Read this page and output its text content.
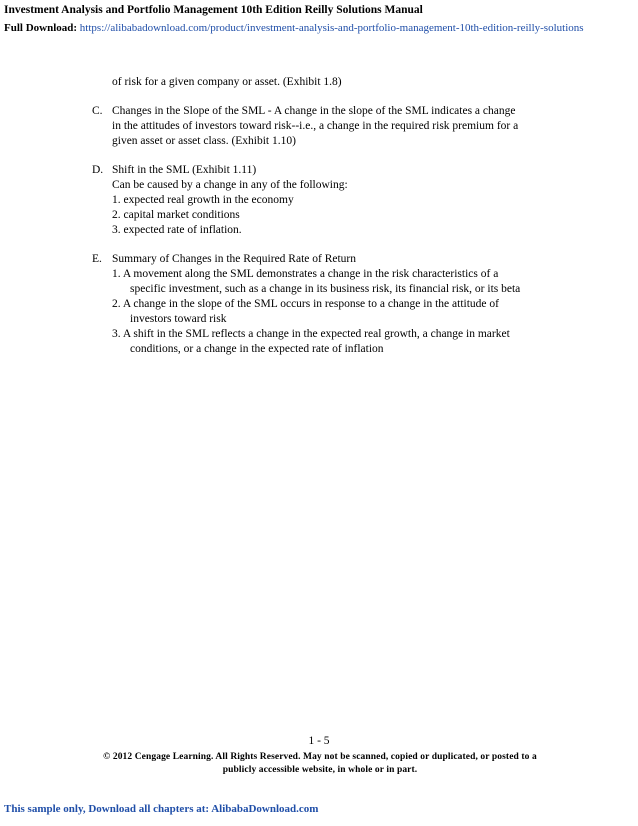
Investment Analysis and Portfolio Management 10th Edition Reilly Solutions Manual
Full Download: https://alibabadownload.com/product/investment-analysis-and-portfolio-management-10th-edition-reilly-solutions
of risk for a given company or asset. (Exhibit 1.8)
C. Changes in the Slope of the SML - A change in the slope of the SML indicates a change
in the attitudes of investors toward risk--i.e., a change in the required risk premium for a
given asset or asset class. (Exhibit 1.10)
D. Shift in the SML (Exhibit 1.11)
Can be caused by a change in any of the following:
1. expected real growth in the economy
2. capital market conditions
3. expected rate of inflation.
E. Summary of Changes in the Required Rate of Return
1. A movement along the SML demonstrates a change in the risk characteristics of a
specific investment, such as a change in its business risk, its financial risk, or its beta
2. A change in the slope of the SML occurs in response to a change in the attitude of
investors toward risk
3. A shift in the SML reflects a change in the expected real growth, a change in market
conditions, or a change in the expected rate of inflation
1 - 5
© 2012 Cengage Learning. All Rights Reserved. May not be scanned, copied or duplicated, or posted to a
publicly accessible website, in whole or in part.
This sample only, Download all chapters at: AlibabaDownload.com
